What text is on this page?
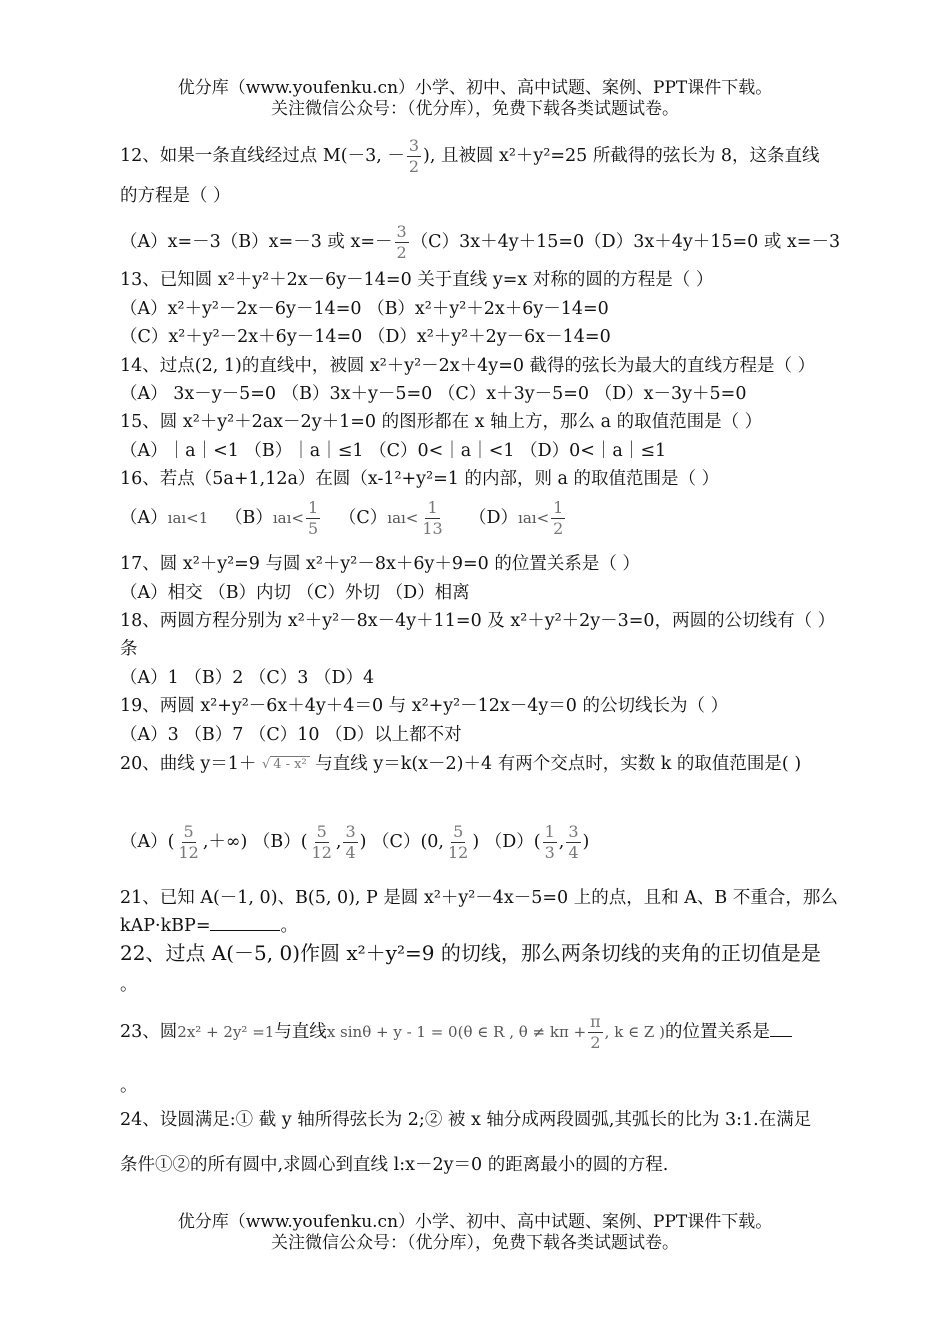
优分库（www.youfenku.cn）小学、初中、高中试题、案例、PPT课件下载。
关注微信公众号：（优分库），免费下载各类试题试卷。
12、如果一条直线经过点 M(－3, － $\frac{3}{2}$ ), 且被圆 x²＋y²=25 所截得的弦长为 8，这条直线
的方程是（ ）
（A）x=－3（B）x=－3 或 $x=- \frac{3}{2} (C)3x+4y+15=0(D)3x+4y+15=0$ 或 x=－3
13、已知圆 x²＋y²＋2x－6y－14=0 关于直线 y=x 对称的圆的方程是（ ）
（A）x²＋y²－2x－6y－14=0 （B）x²＋y²＋2x＋6y－14=0
（C）x²＋y²－2x＋6y－14=0 （D）x²＋y²＋2y－6x－14=0
14、过点(2, 1)的直线中，被圆 x²＋y²－2x＋4y=0 截得的弦长为最大的直线方程是（ ）
（A） 3x－y－5=0 （B）3x＋y－5=0 （C）x＋3y－5=0 （D）x－3y＋5=0
15、圆 x²＋y²＋2ax－2y＋1=0 的图形都在 x 轴上方，那么 a 的取值范围是（ ）
（A）｜a｜<1 （B）｜a｜≤1 （C）0<｜a｜<1 （D）0<｜a｜≤1
16、若点（5a+1,12a）在圆（x-1²+y²=1 的内部，则 a 的取值范围是（ ）
（A）ıaı<1 （B）ıaı< $\frac{1}{5}$ （C）ıaı< $\frac{1}{13}$ （D）ıaı< $\frac{1}{2}$
17、圆 x²＋y²=9 与圆 x²＋y²－8x＋6y＋9=0 的位置关系是（ ）
（A）相交 （B）内切 （C）外切 （D）相离
18、两圆方程分别为 x²＋y²－8x－4y＋11=0 及 x²＋y²＋2y－3=0，两圆的公切线有（ ）
条
（A）1 （B）2 （C）3 （D）4
19、两圆 x²+y²－6x＋4y＋4＝0 与 x²+y²－12x－4y＝0 的公切线长为（ ）
（A）3 （B）7 （C）10 （D）以上都不对
20、曲线 y＝1＋ √ 4 - x² 与直线 y＝k(x－2)＋4 有两个交点时，实数 k 的取值范围是( )
$(A)( \frac{5}{12}$ ,＋∞) $(B)( \frac{5}{12}$ , $\frac{3}{4}$ ) （C）(0, $\frac{5}{12}$ ) $(D)( \frac{1}{3}$ , $\frac{3}{4}$ )
21、已知 A(－1, 0)、B(5, 0), P 是圆 x²＋y²－4x－5=0 上的点，且和 A、B 不重合，那么
kAP·kBP=	。
22、过点 A(－5, 0)作圆 x²＋y²=9 的切线，那么两条切线的夹角的正切值是是
。
23、圆2x² + 2y² =1与直线x sinθ + y - 1 = 0(θ ∈ R , $\theta \ne k\pi + \frac{\pi}{2}$ , k ∈ Z )的位置关系是
。
24、设圆满足:① 截 y 轴所得弦长为 2;② 被 x 轴分成两段圆弧,其弧长的比为 3:1.在满足
条件①②的所有圆中,求圆心到直线 l:x－2y＝0 的距离最小的圆的方程.
优分库（www.youfenku.cn）小学、初中、高中试题、案例、PPT课件下载。
关注微信公众号：（优分库），免费下载各类试题试卷。
